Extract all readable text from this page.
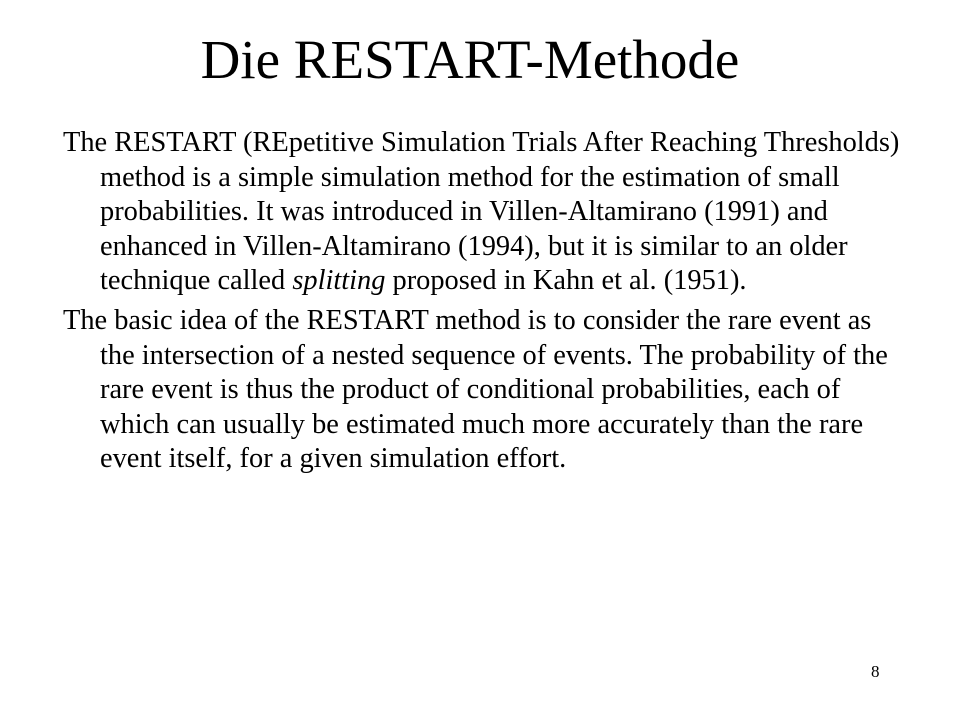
Die RESTART-Methode

The RESTART (REpetitive Simulation Trials After Reaching Thresholds) method is a simple simulation method for the estimation of small probabilities. It was introduced in Villen-Altamirano (1991) and enhanced in Villen-Altamirano (1994), but it is similar to an older technique called splitting proposed in Kahn et al. (1951).

The basic idea of the RESTART method is to consider the rare event as the intersection of a nested sequence of events. The probability of the rare event is thus the product of conditional probabilities, each of which can usually be estimated much more accurately than the rare event itself, for a given simulation effort.

8
